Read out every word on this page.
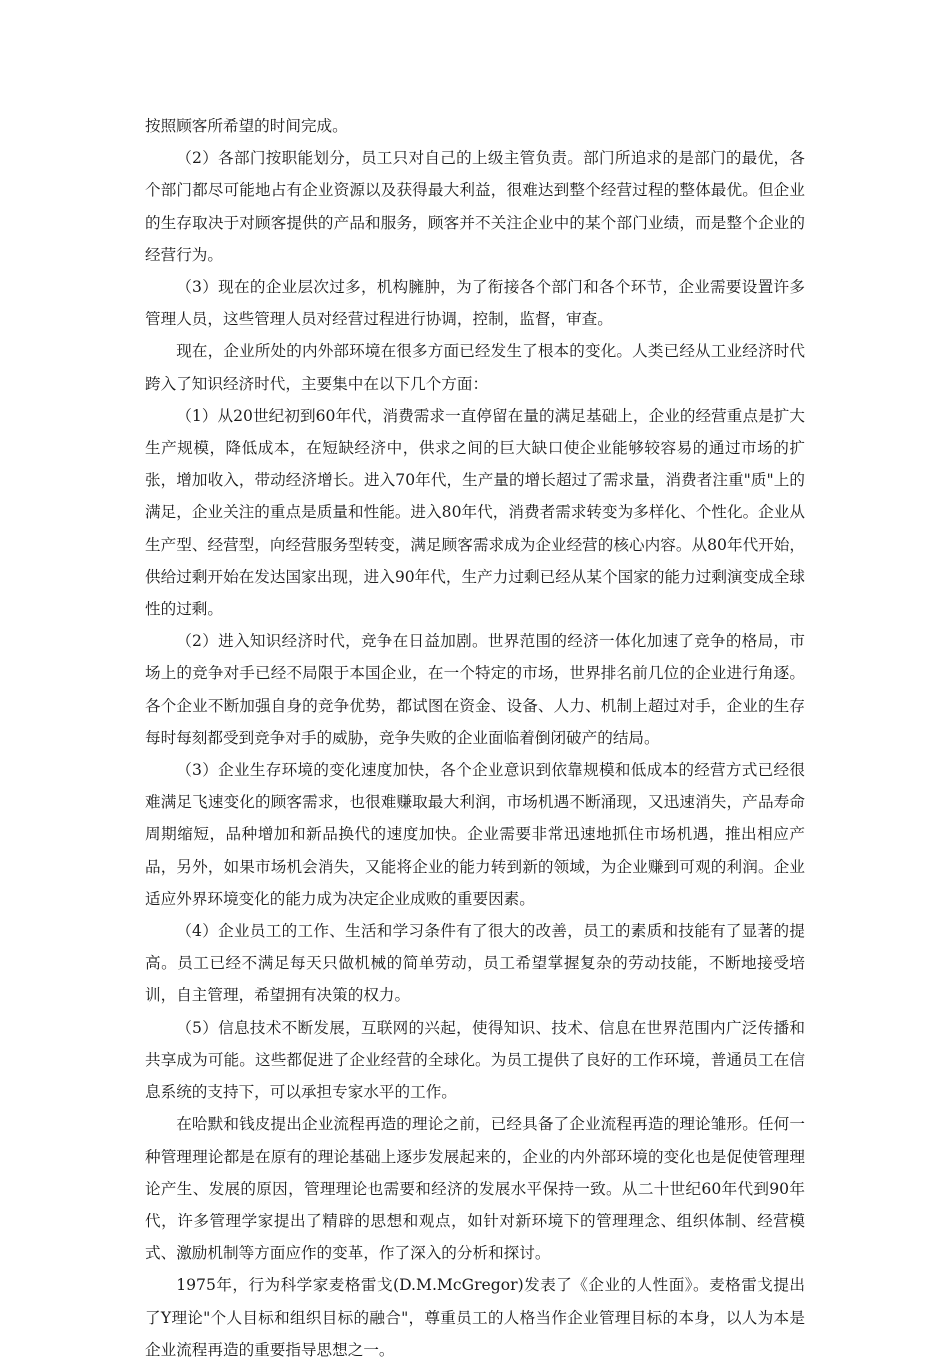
按照顾客所希望的时间完成。

（2）各部门按职能划分，员工只对自己的上级主管负责。部门所追求的是部门的最优，各个部门都尽可能地占有企业资源以及获得最大利益，很难达到整个经营过程的整体最优。但企业的生存取决于对顾客提供的产品和服务，顾客并不关注企业中的某个部门业绩，而是整个企业的经营行为。

（3）现在的企业层次过多，机构臃肿，为了衔接各个部门和各个环节，企业需要设置许多管理人员，这些管理人员对经营过程进行协调，控制，监督，审查。

现在，企业所处的内外部环境在很多方面已经发生了根本的变化。人类已经从工业经济时代跨入了知识经济时代，主要集中在以下几个方面：

（1）从20世纪初到60年代，消费需求一直停留在量的满足基础上，企业的经营重点是扩大生产规模，降低成本，在短缺经济中，供求之间的巨大缺口使企业能够较容易的通过市场的扩张，增加收入，带动经济增长。进入70年代，生产量的增长超过了需求量，消费者注重"质"上的满足，企业关注的重点是质量和性能。进入80年代，消费者需求转变为多样化、个性化。企业从生产型、经营型，向经营服务型转变，满足顾客需求成为企业经营的核心内容。从80年代开始，供给过剩开始在发达国家出现，进入90年代，生产力过剩已经从某个国家的能力过剩演变成全球性的过剩。

（2）进入知识经济时代，竞争在日益加剧。世界范围的经济一体化加速了竞争的格局，市场上的竞争对手已经不局限于本国企业，在一个特定的市场，世界排名前几位的企业进行角逐。各个企业不断加强自身的竞争优势，都试图在资金、设备、人力、机制上超过对手，企业的生存每时每刻都受到竞争对手的威胁，竞争失败的企业面临着倒闭破产的结局。

（3）企业生存环境的变化速度加快，各个企业意识到依靠规模和低成本的经营方式已经很难满足飞速变化的顾客需求，也很难赚取最大利润，市场机遇不断涌现，又迅速消失，产品寿命周期缩短，品种增加和新品换代的速度加快。企业需要非常迅速地抓住市场机遇，推出相应产品，另外，如果市场机会消失，又能将企业的能力转到新的领域，为企业赚到可观的利润。企业适应外界环境变化的能力成为决定企业成败的重要因素。

（4）企业员工的工作、生活和学习条件有了很大的改善，员工的素质和技能有了显著的提高。员工已经不满足每天只做机械的简单劳动，员工希望掌握复杂的劳动技能，不断地接受培训，自主管理，希望拥有决策的权力。

（5）信息技术不断发展，互联网的兴起，使得知识、技术、信息在世界范围内广泛传播和共享成为可能。这些都促进了企业经营的全球化。为员工提供了良好的工作环境，普通员工在信息系统的支持下，可以承担专家水平的工作。

在哈默和钱皮提出企业流程再造的理论之前，已经具备了企业流程再造的理论雏形。任何一种管理理论都是在原有的理论基础上逐步发展起来的，企业的内外部环境的变化也是促使管理理论产生、发展的原因，管理理论也需要和经济的发展水平保持一致。从二十世纪60年代到90年代，许多管理学家提出了精辟的思想和观点，如针对新环境下的管理理念、组织体制、经营模式、激励机制等方面应作的变革，作了深入的分析和探讨。

1975年，行为科学家麦格雷戈(D.M.McGregor)发表了《企业的人性面》。麦格雷戈提出了Y理论"个人目标和组织目标的融合"，尊重员工的人格当作企业管理目标的本身，以人为本是企业流程再造的重要指导思想之一。
